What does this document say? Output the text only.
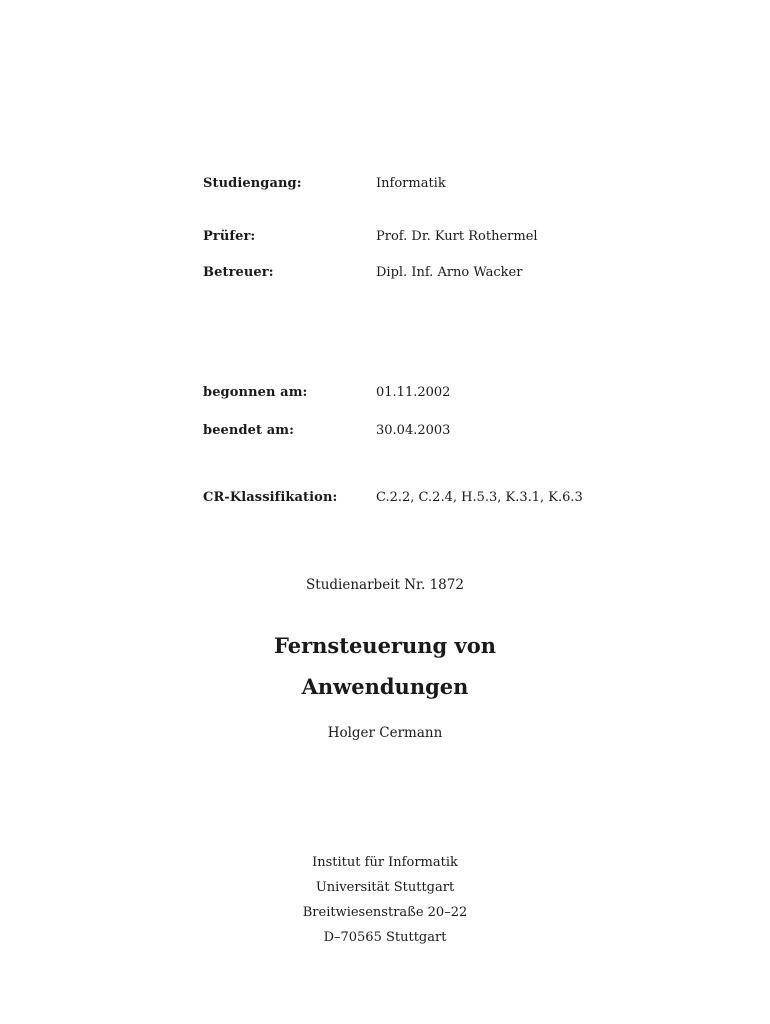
Studiengang:	Informatik
Prüfer:	Prof. Dr. Kurt Rothermel
Betreuer:	Dipl. Inf. Arno Wacker
begonnen am:	01.11.2002
beendet am:	30.04.2003
CR-Klassifikation:	C.2.2, C.2.4, H.5.3, K.3.1, K.6.3
Studienarbeit Nr. 1872
Fernsteuerung von
Anwendungen
Holger Cermann
Institut für Informatik
Universität Stuttgart
Breitwiesenstraße 20–22
D–70565 Stuttgart
